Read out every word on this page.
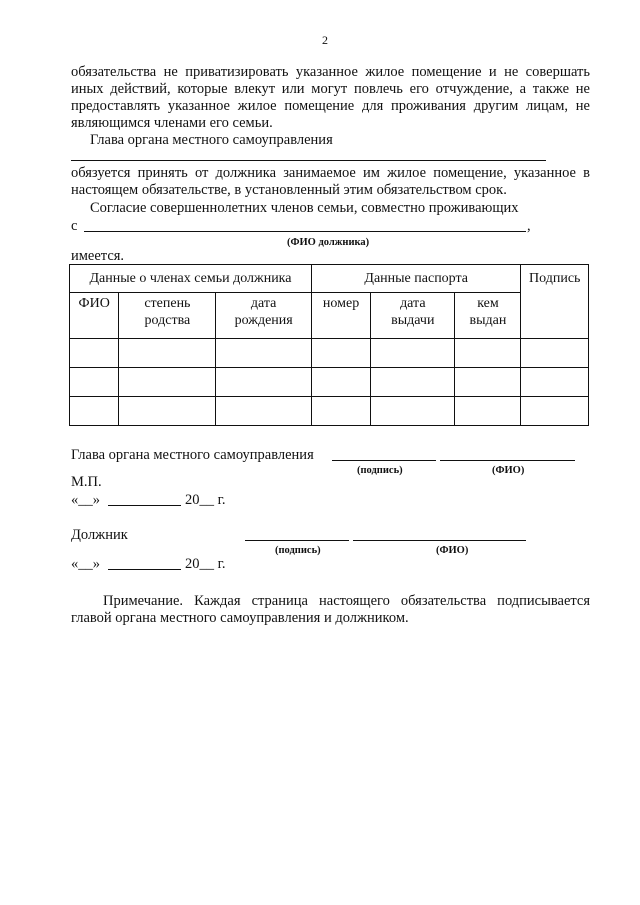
2
обязательства не приватизировать указанное жилое помещение и не совершать
иных действий, которые влекут или могут повлечь его отчуждение, а также не
предоставлять указанное жилое помещение для проживания другим лицам, не
являющимся членами его семьи.
Глава органа местного самоуправления
обязуется принять от должника занимаемое им жилое помещение, указанное в
настоящем обязательстве, в установленный этим обязательством срок.
Согласие совершеннолетних членов семьи, совместно проживающих
с	,
(ФИО должника)
имеется.
Данные о членах семьи должника			Данные паспорта			Подпись
ФИО	степень родства	дата рождения	номер	дата выдачи	кем выдан	

Глава органа местного самоуправления
(подпись)	(ФИО)
М.П.
«__»	20__ г.
Должник
(подпись)	(ФИО)
«__»	20__ г.
Примечание. Каждая страница настоящего обязательства подписывается
главой органа местного самоуправления и должником.
